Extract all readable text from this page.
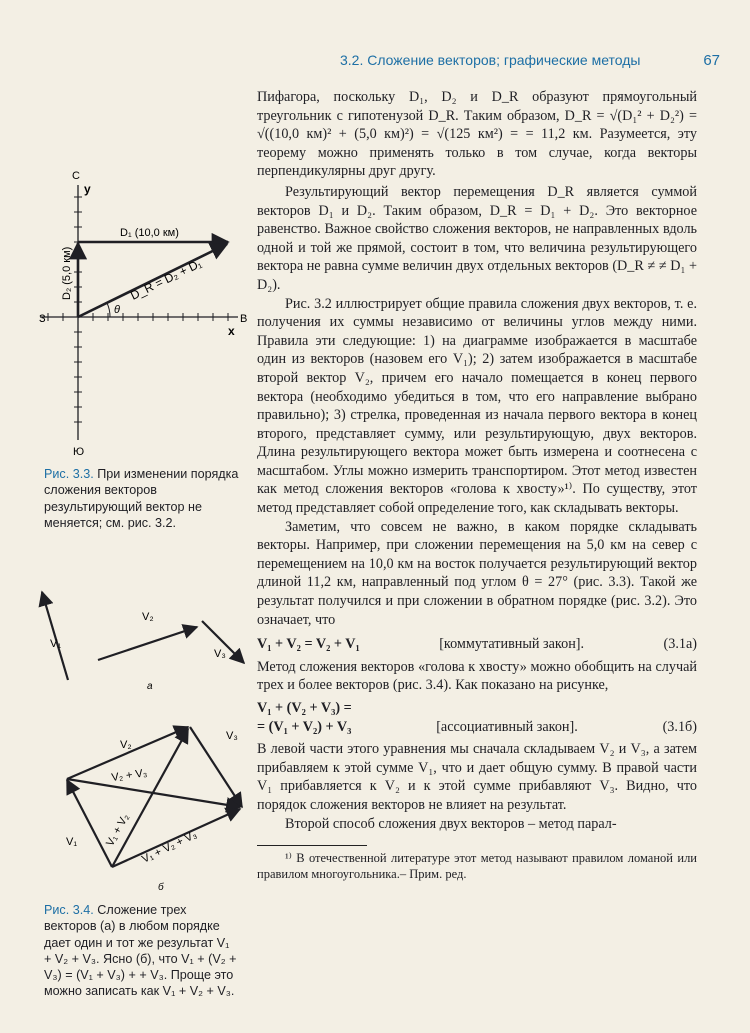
3.2. Сложение векторов; графические методы	67
С
y
Ю
З	В
x
D₁ (10,0 км)
D₂ (5,0 км)	D_R = D₂ + D₁
θ
Рис. 3.3. При изменении порядка сложения векторов результирующий вектор не меняется; см. рис. 3.2.
V₁
V₂
V₃
а
V₁
V₂
V₃
V₂ + V₃
V₁ + V₂ V₁ + V₂ + V₃
б
Рис. 3.4. Сложение трех векторов (а) в любом порядке дает один и тот же результат V₁ + V₂ + V₃. Ясно (б), что V₁ + (V₂ + V₃) = (V₁ + V₃) + + V₃. Проще это можно записать как V₁ + V₂ + V₃.

Пифагора, поскольку D₁, D₂ и D_R образуют прямоугольный треугольник с гипотенузой D_R. Таким образом, D_R = √(D₁² + D₂²) = √((10,0 км)² + (5,0 км)²) = √(125 км²) = = 11,2 км. Разумеется, эту теорему можно применять только в том случае, когда векторы перпендикулярны друг другу.

Результирующий вектор перемещения D_R является суммой векторов D₁ и D₂. Таким образом, D_R = D₁ + D₂. Это векторное равенство. Важное свойство сложения векторов, не направленных вдоль одной и той же прямой, состоит в том, что величина результирующего вектора не равна сумме величин двух отдельных векторов (D_R ≠ ≠ D₁ + D₂).

Рис. 3.2 иллюстрирует общие правила сложения двух векторов, т. е. получения их суммы независимо от величины углов между ними. Правила эти следующие: 1) на диаграмме изображается в масштабе один из векторов (назовем его V₁); 2) затем изображается в масштабе второй вектор V₂, причем его начало помещается в конец первого вектора (необходимо убедиться в том, что его направление выбрано правильно); 3) стрелка, проведенная из начала первого вектора в конец второго, представляет сумму, или результирующую, двух векторов. Длина результирующего вектора может быть измерена и соотнесена с масштабом. Углы можно измерить транспортиром. Этот метод известен как метод сложения векторов «голова к хвосту»¹⁾. По существу, этот метод представляет собой определение того, как складывать векторы.

Заметим, что совсем не важно, в каком порядке складывать векторы. Например, при сложении перемещения на 5,0 км на север с перемещением на 10,0 км на восток получается результирующий вектор длиной 11,2 км, направленный под углом θ = 27° (рис. 3.3). Такой же результат получился и при сложении в обратном порядке (рис. 3.2). Это означает, что

V₁ + V₂ = V₂ + V₁	[коммутативный закон].	(3.1а)

Метод сложения векторов «голова к хвосту» можно обобщить на случай трех и более векторов (рис. 3.4). Как показано на рисунке,

V₁ + (V₂ + V₃) =
= (V₁ + V₂) + V₃	[ассоциативный закон].	(3.1б)

В левой части этого уравнения мы сначала складываем V₂ и V₃, а затем прибавляем к этой сумме V₁, что и дает общую сумму. В правой части V₁ прибавляется к V₂ и к этой сумме прибавляют V₃. Видно, что порядок сложения векторов не влияет на результат.

Второй способ сложения двух векторов – метод парал-

¹⁾ В отечественной литературе этот метод называют правилом ломаной или правилом многоугольника.– Прим. ред.
